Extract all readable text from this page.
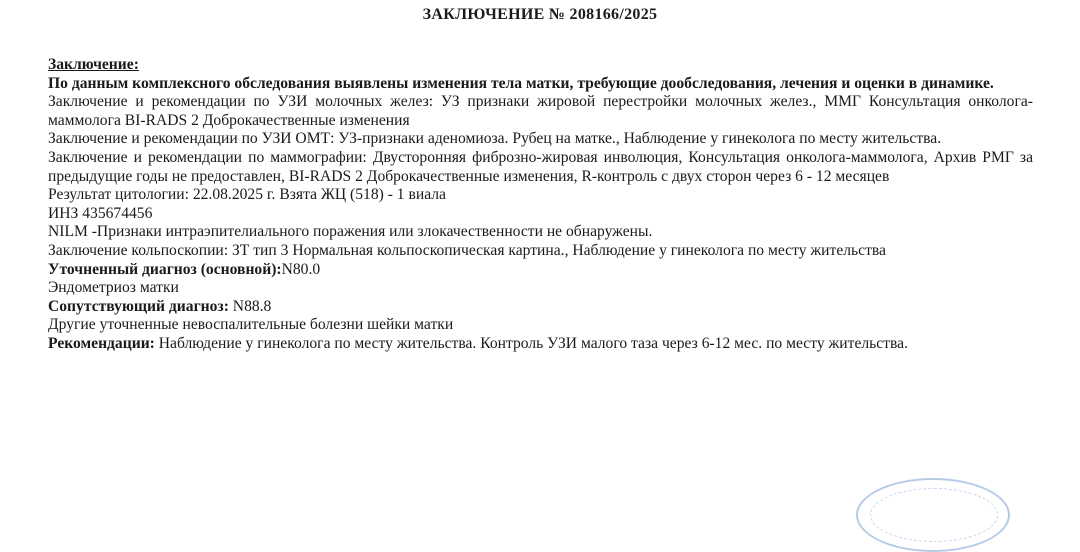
ЗАКЛЮЧЕНИЕ № 208166/2025

Заключение:

По данным комплексного обследования выявлены изменения тела матки, требующие дообследования, лечения и оценки в динамике.

Заключение и рекомендации по УЗИ молочных желез: УЗ признаки жировой перестройки молочных желез., ММГ Консультация онколога-маммолога BI-RADS 2 Доброкачественные изменения

Заключение и рекомендации по УЗИ ОМТ: УЗ-признаки аденомиоза. Рубец на матке., Наблюдение у гинеколога по месту жительства.

Заключение и рекомендации по маммографии: Двусторонняя фиброзно-жировая инволюция, Консультация онколога-маммолога, Архив РМГ за предыдущие годы не предоставлен, BI-RADS 2 Доброкачественные изменения, R-контроль с двух сторон через 6 - 12 месяцев

Результат цитологии: 22.08.2025 г. Взята ЖЦ (518) - 1 виала

ИНЗ 435674456

NILM -Признаки интраэпителиального поражения или злокачественности не обнаружены.

Заключение кольпоскопии: ЗТ тип 3 Нормальная кольпоскопическая картина., Наблюдение у гинеколога по месту жительства

Уточненный диагноз (основной):N80.0

Эндометриоз матки

Сопутствующий диагноз: N88.8

Другие уточненные невоспалительные болезни шейки матки

Рекомендации: Наблюдение у гинеколога по месту жительства. Контроль УЗИ малого таза через 6-12 мес. по месту жительства.
